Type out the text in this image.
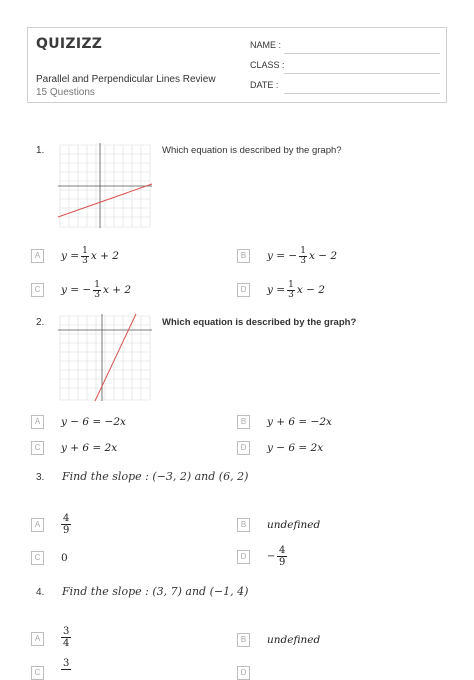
QUIZIZZ
Parallel and Perpendicular Lines Review
15 Questions
NAME :
CLASS :
DATE :
1.	Which equation is described by the graph?
A	$y = \frac{1}{3}$ x + 2	B	y = − $\frac{1}{3}$ x − 2
C	y = − $\frac{1}{3}$ x + 2	D	$y = \frac{1}{3}$ x − 2
2.	Which equation is described by the graph?
A	y − 6 = −2x	B	y + 6 = −2x
C	y + 6 = 2x	D	y − 6 = 2x
3. Find the slope : (−3, 2) and (6, 2)
A	$\frac{4}{9}$	B	undefined
C	0	D	− $\frac{4}{9}$
4. Find the slope : (3, 7) and (−1, 4)
A	$\frac{3}{4}$	B	undefined
C
3
D
